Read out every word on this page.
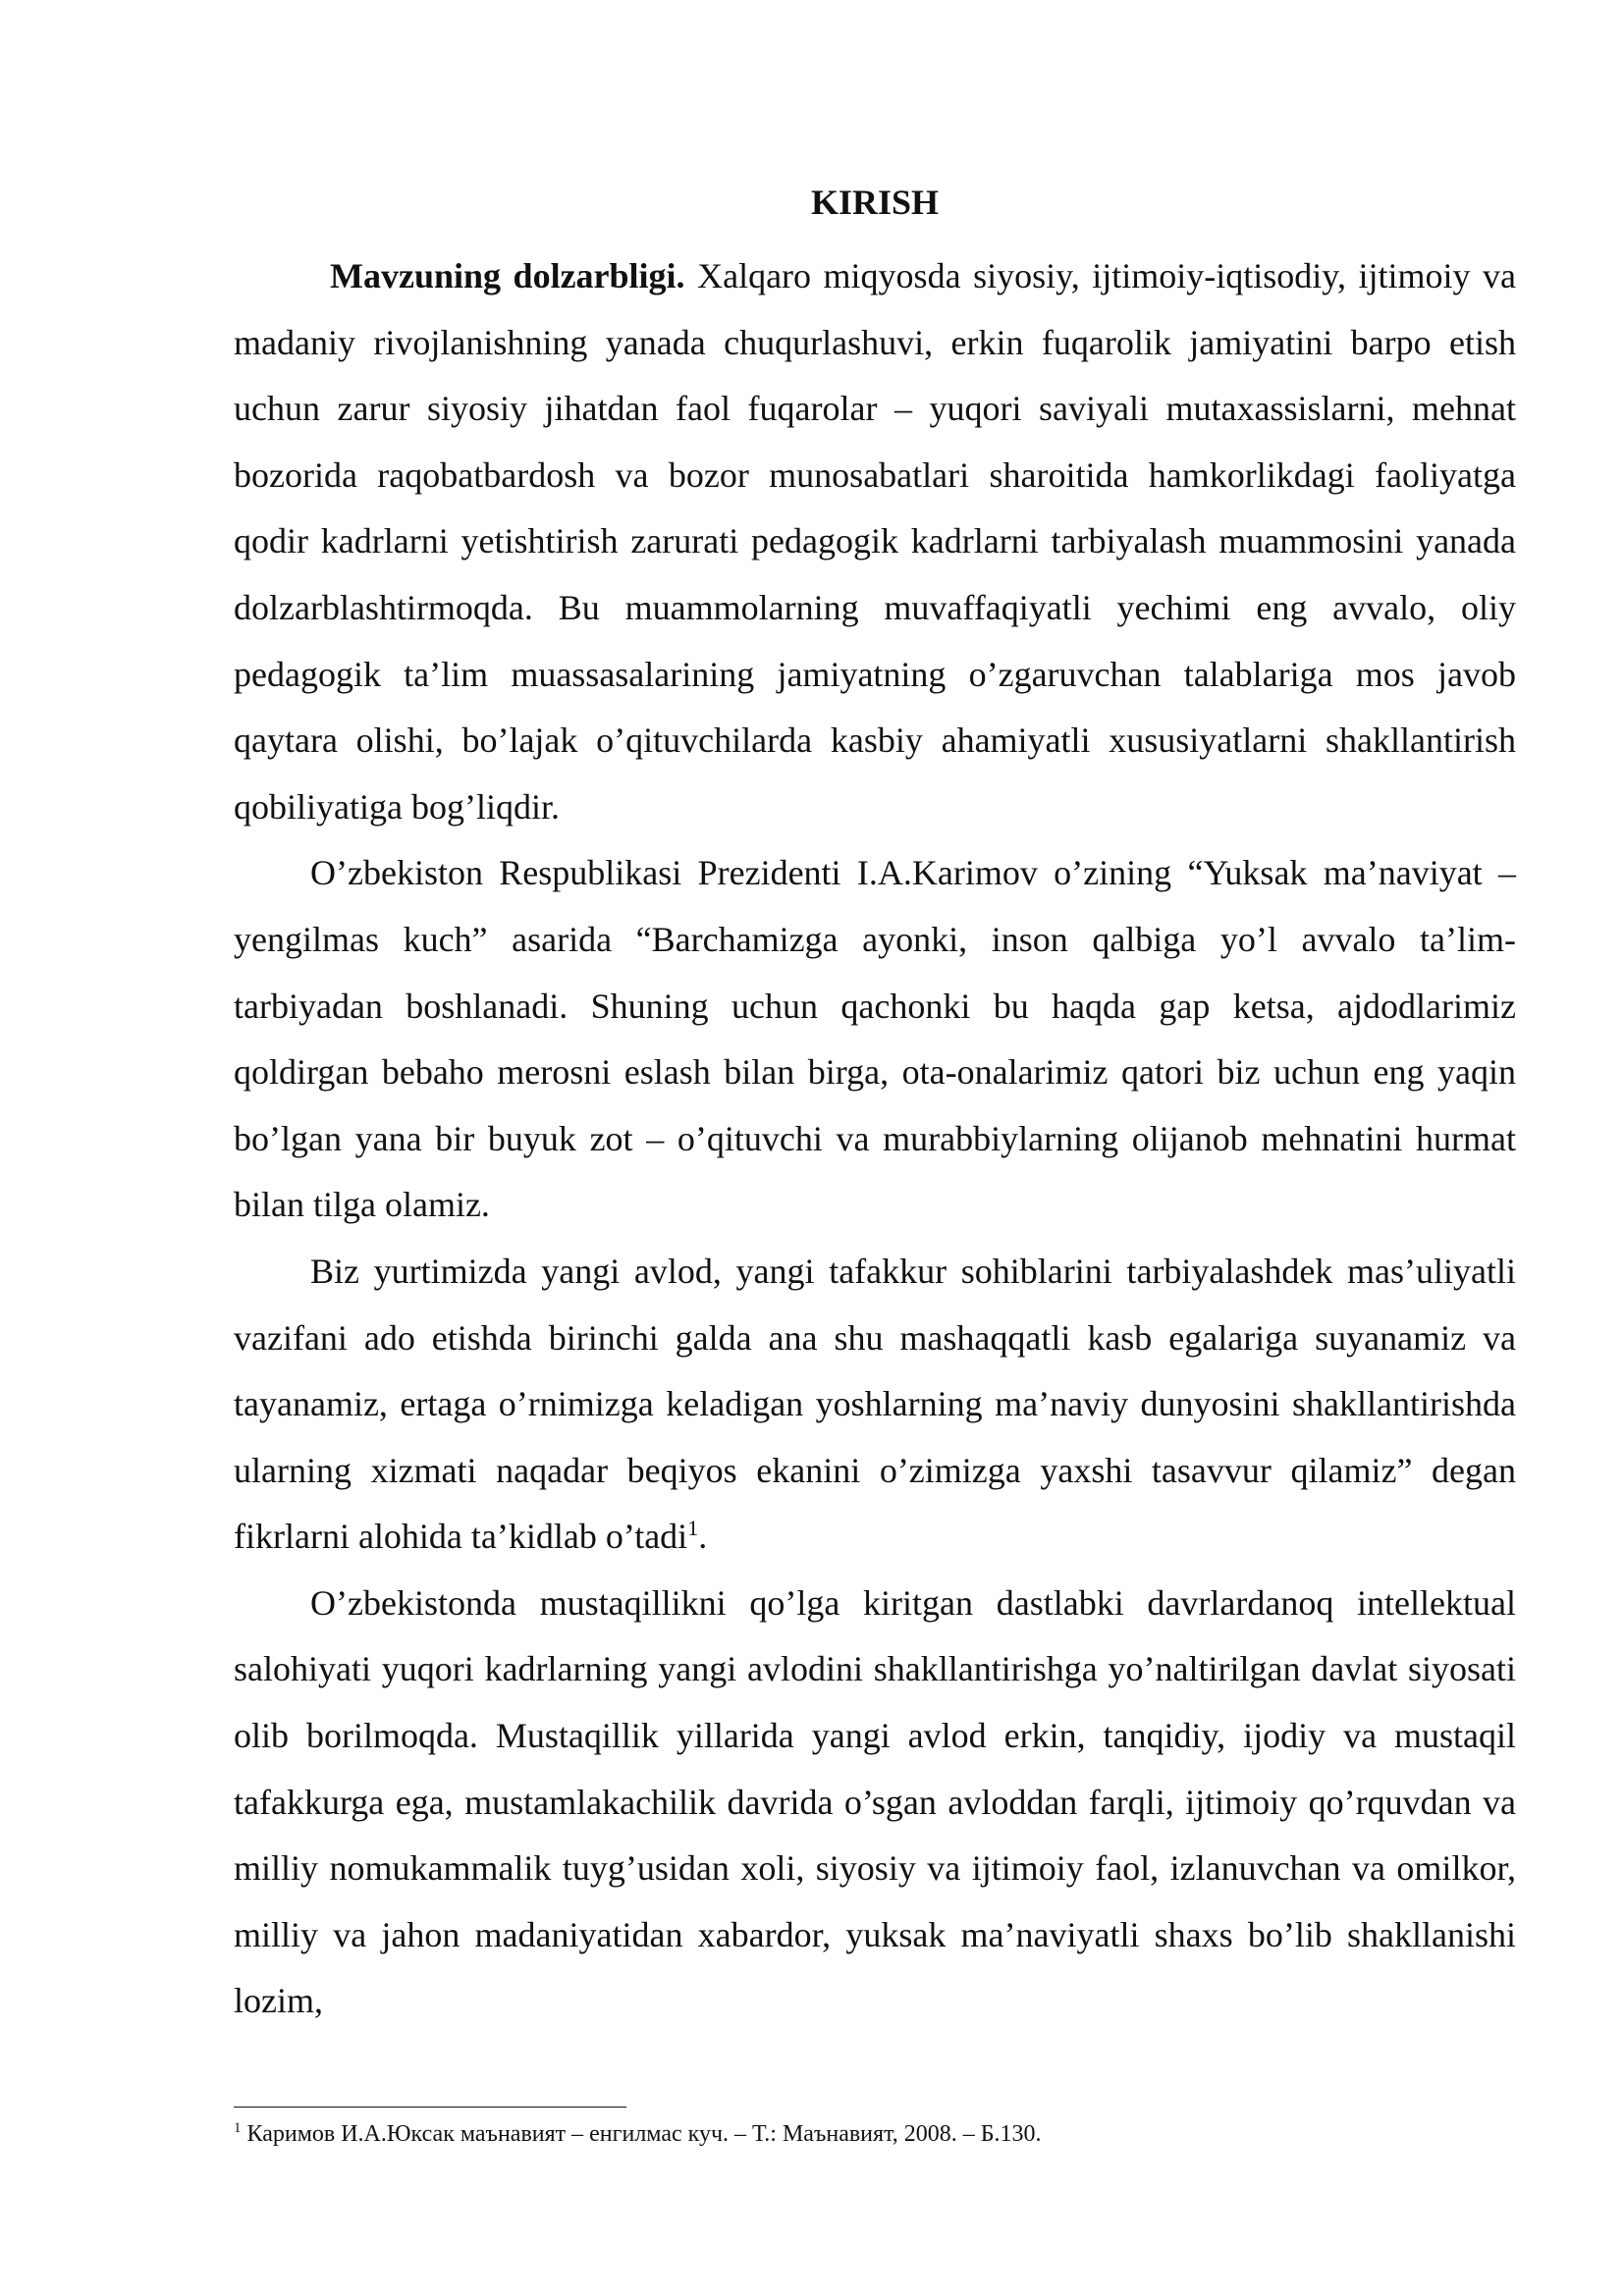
KIRISH

Mavzuning dolzarbligi. Xalqaro miqyosda siyosiy, ijtimoiy-iqtisodiy, ijtimoiy va madaniy rivojlanishning yanada chuqurlashuvi, erkin fuqarolik jamiyatini barpo etish uchun zarur siyosiy jihatdan faol fuqarolar – yuqori saviyali mutaxassislarni, mehnat bozorida raqobatbardosh va bozor munosabatlari sharoitida hamkorlikdagi faoliyatga qodir kadrlarni yetishtirish zarurati pedagogik kadrlarni tarbiyalash muammosini yanada dolzarblashtirmoqda. Bu muammolarning muvaffaqiyatli yechimi eng avvalo, oliy pedagogik ta’lim muassasalarining jamiyatning o’zgaruvchan talablariga mos javob qaytara olishi, bo’lajak o’qituvchilarda kasbiy ahamiyatli xususiyatlarni shakllantirish qobiliyatiga bog’liqdir.

O’zbekiston Respublikasi Prezidenti I.A.Karimov o’zining “Yuksak ma’naviyat – yengilmas kuch” asarida “Barchamizga ayonki, inson qalbiga yo’l avvalo ta’lim-tarbiyadan boshlanadi. Shuning uchun qachonki bu haqda gap ketsa, ajdodlarimiz qoldirgan bebaho merosni eslash bilan birga, ota-onalarimiz qatori biz uchun eng yaqin bo’lgan yana bir buyuk zot – o’qituvchi va murabbiylarning olijanob mehnatini hurmat bilan tilga olamiz.

Biz yurtimizda yangi avlod, yangi tafakkur sohiblarini tarbiyalashdek mas’uliyatli vazifani ado etishda birinchi galda ana shu mashaqqatli kasb egalariga suyanamiz va tayanamiz, ertaga o’rnimizga keladigan yoshlarning ma’naviy dunyosini shakllantirishda ularning xizmati naqadar beqiyos ekanini o’zimizga yaxshi tasavvur qilamiz” degan fikrlarni alohida ta’kidlab o’tadi$^1$.

O’zbekistonda mustaqillikni qo’lga kiritgan dastlabki davrlardanoq intellektual salohiyati yuqori kadrlarning yangi avlodini shakllantirishga yo’naltirilgan davlat siyosati olib borilmoqda. Mustaqillik yillarida yangi avlod erkin, tanqidiy, ijodiy va mustaqil tafakkurga ega, mustamlakachilik davrida o’sgan avloddan farqli, ijtimoiy qo’rquvdan va milliy nomukammalik tuyg’usidan xoli, siyosiy va ijtimoiy faol, izlanuvchan va omilkor, milliy va jahon madaniyatidan xabardor, yuksak ma’naviyatli shaxs bo’lib shakllanishi lozim,

$^1$ Каримов И.А.Юксак маънавият – енгилмас куч. – Т.: Маънавият, 2008. – Б.130.
